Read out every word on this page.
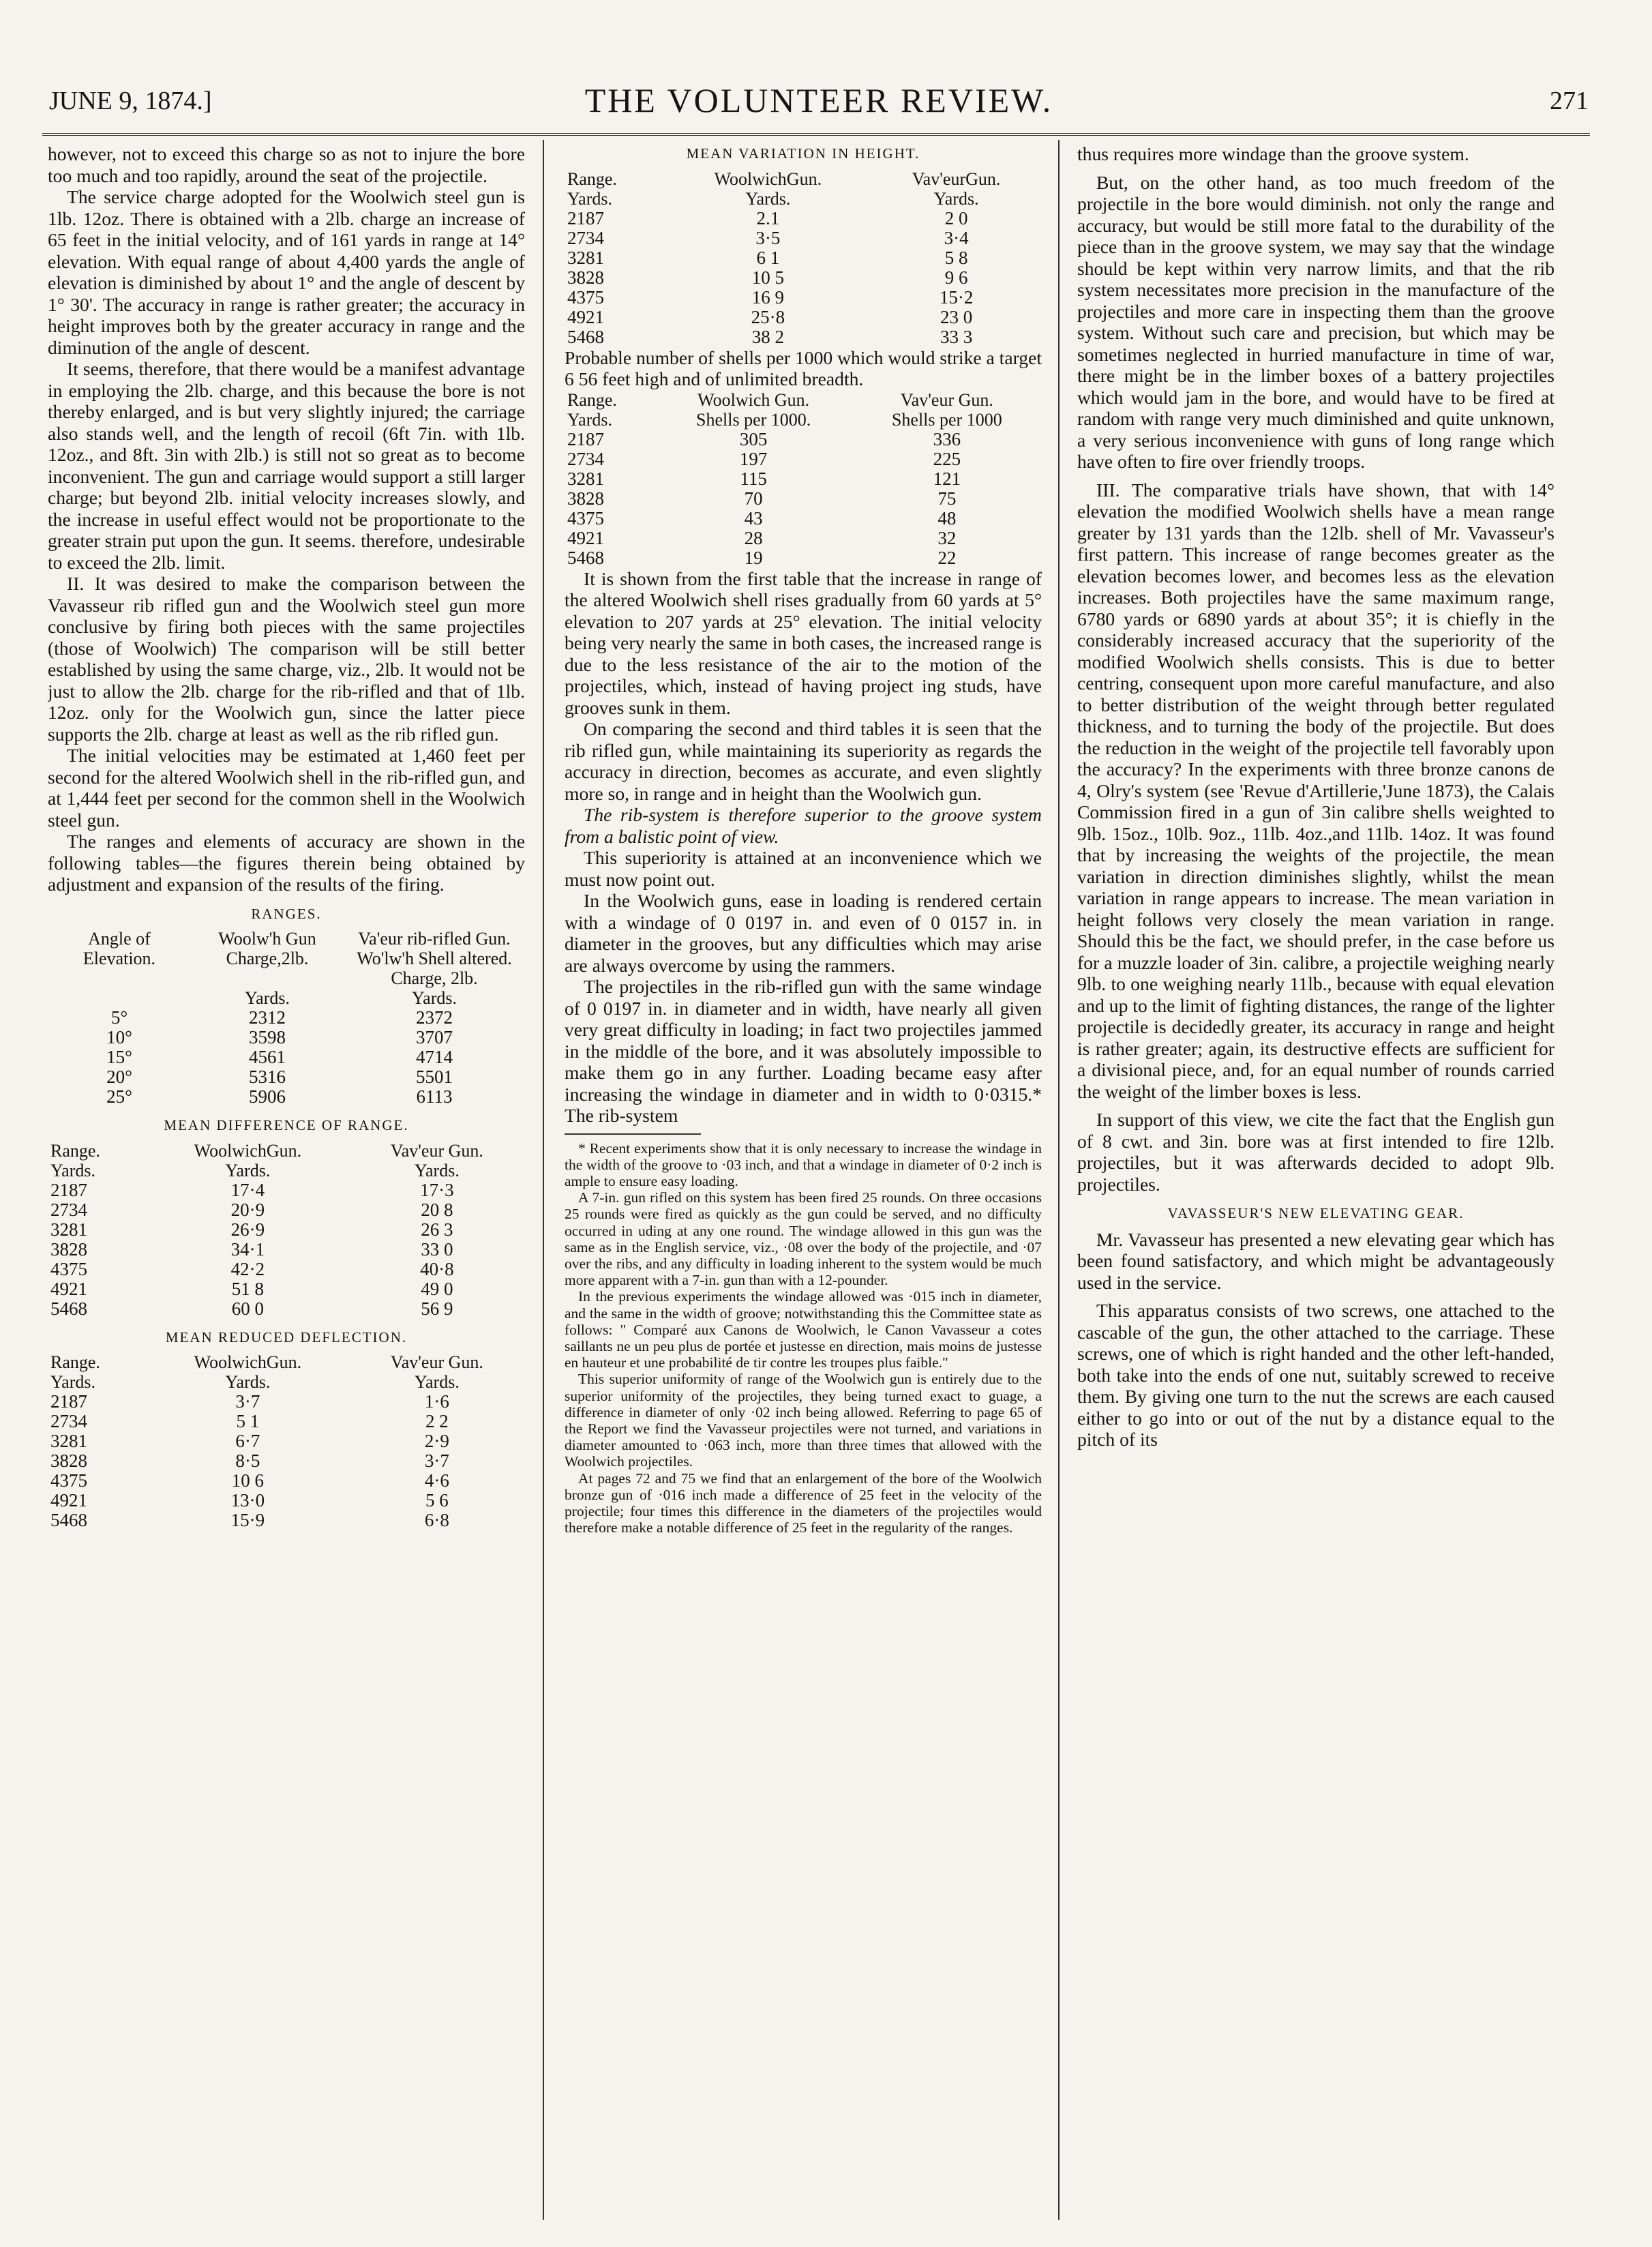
JUNE 9, 1874.]	THE VOLUNTEER REVIEW.	271

however, not to exceed this charge so as not to injure the bore too much and too rapidly, around the seat of the projectile.

The service charge adopted for the Woolwich steel gun is 1lb. 12oz. There is obtained with a 2lb. charge an increase of 65 feet in the initial velocity, and of 161 yards in range at 14° elevation. With equal range of about 4,400 yards the angle of elevation is diminished by about 1° and the angle of descent by 1° 30'. The accuracy in range is rather greater; the accuracy in height improves both by the greater accuracy in range and the diminution of the angle of descent.

It seems, therefore, that there would be a manifest advantage in employing the 2lb. charge, and this because the bore is not thereby enlarged, and is but very slightly injured; the carriage also stands well, and the length of recoil (6ft 7in. with 1lb. 12oz., and 8ft. 3in with 2lb.) is still not so great as to become inconvenient. The gun and carriage would support a still larger charge; but beyond 2lb. initial velocity increases slowly, and the increase in useful effect would not be proportionate to the greater strain put upon the gun. It seems. therefore, undesirable to exceed the 2lb. limit.

II. It was desired to make the comparison between the Vavasseur rib rifled gun and the Woolwich steel gun more conclusive by firing both pieces with the same projectiles (those of Woolwich) The comparison will be still better established by using the same charge, viz., 2lb. It would not be just to allow the 2lb. charge for the rib-rifled and that of 1lb. 12oz. only for the Woolwich gun, since the latter piece supports the 2lb. charge at least as well as the rib rifled gun.

The initial velocities may be estimated at 1,460 feet per second for the altered Woolwich shell in the rib-rifled gun, and at 1,444 feet per second for the common shell in the Woolwich steel gun.

The ranges and elements of accuracy are shown in the following tables—the figures therein being obtained by adjustment and expansion of the results of the firing.

RANGES.
Angle of Elevation.	Woolw'h Gun Charge,2lb.	Va'eur rib-rifled Gun. Wo'lw'h Shell altered. Charge, 2lb.
	Yards.	Yards.
5°	2312	2372
10°	3598	3707
15°	4561	4714
20°	5316	5501
25°	5906	6113
MEAN DIFFERENCE OF RANGE.
Range.	WoolwichGun.	Vav'eur Gun.
Yards.	Yards.	Yards.
2187	17·4	17·3
2734	20·9	20 8
3281	26·9	26 3
3828	34·1	33 0
4375	42·2	40·8
4921	51 8	49 0
5468	60 0	56 9
MEAN REDUCED DEFLECTION.
Range.	WoolwichGun.	Vav'eur Gun.
Yards.	Yards.	Yards.
2187	3·7	1·6
2734	5 1	2 2
3281	6·7	2·9
3828	8·5	3·7
4375	10 6	4·6
4921	13·0	5 6
5468	15·9	6·8
MEAN VARIATION IN HEIGHT.
Range.	WoolwichGun.	Vav'eurGun.
Yards.	Yards.	Yards.
2187	2.1	2 0
2734	3·5	3·4
3281	6 1	5 8
3828	10 5	9 6
4375	16 9	15·2
4921	25·8	23 0
5468	38 2	33 3

Probable number of shells per 1000 which would strike a target 6 56 feet high and of unlimited breadth.

Range.	Woolwich Gun.	Vav'eur Gun.
Yards.	Shells per 1000.	Shells per 1000
2187	305	336
2734	197	225
3281	115	121
3828	70	75
4375	43	48
4921	28	32
5468	19	22

It is shown from the first table that the increase in range of the altered Woolwich shell rises gradually from 60 yards at 5° elevation to 207 yards at 25° elevation. The initial velocity being very nearly the same in both cases, the increased range is due to the less resistance of the air to the motion of the projectiles, which, instead of having project ing studs, have grooves sunk in them.

On comparing the second and third tables it is seen that the rib rifled gun, while maintaining its superiority as regards the accuracy in direction, becomes as accurate, and even slightly more so, in range and in height than the Woolwich gun.

The rib-system is therefore superior to the groove system from a balistic point of view.

This superiority is attained at an inconvenience which we must now point out.

In the Woolwich guns, ease in loading is rendered certain with a windage of 0 0197 in. and even of 0 0157 in. in diameter in the grooves, but any difficulties which may arise are always overcome by using the rammers.

The projectiles in the rib-rifled gun with the same windage of 0 0197 in. in diameter and in width, have nearly all given very great difficulty in loading; in fact two projectiles jammed in the middle of the bore, and it was absolutely impossible to make them go in any further. Loading became easy after increasing the windage in diameter and in width to 0·0315.* The rib-system

* Recent experiments show that it is only necessary to increase the windage in the width of the groove to ·03 inch, and that a windage in diameter of 0·2 inch is ample to ensure easy loading.

A 7-in. gun rifled on this system has been fired 25 rounds. On three occasions 25 rounds were fired as quickly as the gun could be served, and no difficulty occurred in uding at any one round. The windage allowed in this gun was the same as in the English service, viz., ·08 over the body of the projectile, and ·07 over the ribs, and any difficulty in loading inherent to the system would be much more apparent with a 7-in. gun than with a 12-pounder.

In the previous experiments the windage allowed was ·015 inch in diameter, and the same in the width of groove; notwithstanding this the Committee state as follows: " Comparé aux Canons de Woolwich, le Canon Vavasseur a cotes saillants ne un peu plus de portée et justesse en direction, mais moins de justesse en hauteur et une probabilité de tir contre les troupes plus faible."

This superior uniformity of range of the Woolwich gun is entirely due to the superior uniformity of the projectiles, they being turned exact to guage, a difference in diameter of only ·02 inch being allowed. Referring to page 65 of the Report we find the Vavasseur projectiles were not turned, and variations in diameter amounted to ·063 inch, more than three times that allowed with the Woolwich projectiles.

At pages 72 and 75 we find that an enlargement of the bore of the Woolwich bronze gun of ·016 inch made a difference of 25 feet in the velocity of the projectile; four times this difference in the diameters of the projectiles would therefore make a notable difference of 25 feet in the regularity of the ranges.

thus requires more windage than the groove system.

But, on the other hand, as too much freedom of the projectile in the bore would diminish. not only the range and accuracy, but would be still more fatal to the durability of the piece than in the groove system, we may say that the windage should be kept within very narrow limits, and that the rib system necessitates more precision in the manufacture of the projectiles and more care in inspecting them than the groove system. Without such care and precision, but which may be sometimes neglected in hurried manufacture in time of war, there might be in the limber boxes of a battery projectiles which would jam in the bore, and would have to be fired at random with range very much diminished and quite unknown, a very serious inconvenience with guns of long range which have often to fire over friendly troops.

III. The comparative trials have shown, that with 14° elevation the modified Woolwich shells have a mean range greater by 131 yards than the 12lb. shell of Mr. Vavasseur's first pattern. This increase of range becomes greater as the elevation becomes lower, and becomes less as the elevation increases. Both projectiles have the same maximum range, 6780 yards or 6890 yards at about 35°; it is chiefly in the considerably increased accuracy that the superiority of the modified Woolwich shells consists. This is due to better centring, consequent upon more careful manufacture, and also to better distribution of the weight through better regulated thickness, and to turning the body of the projectile. But does the reduction in the weight of the projectile tell favorably upon the accuracy? In the experiments with three bronze canons de 4, Olry's system (see 'Revue d'Artillerie,'June 1873), the Calais Commission fired in a gun of 3in calibre shells weighted to 9lb. 15oz., 10lb. 9oz., 11lb. 4oz.,and 11lb. 14oz. It was found that by increasing the weights of the projectile, the mean variation in direction diminishes slightly, whilst the mean variation in range appears to increase. The mean variation in height follows very closely the mean variation in range. Should this be the fact, we should prefer, in the case before us for a muzzle loader of 3in. calibre, a projectile weighing nearly 9lb. to one weighing nearly 11lb., because with equal elevation and up to the limit of fighting distances, the range of the lighter projectile is decidedly greater, its accuracy in range and height is rather greater; again, its destructive effects are sufficient for a divisional piece, and, for an equal number of rounds carried the weight of the limber boxes is less.

In support of this view, we cite the fact that the English gun of 8 cwt. and 3in. bore was at first intended to fire 12lb. projectiles, but it was afterwards decided to adopt 9lb. projectiles.

VAVASSEUR'S NEW ELEVATING GEAR.

Mr. Vavasseur has presented a new elevating gear which has been found satisfactory, and which might be advantageously used in the service.

This apparatus consists of two screws, one attached to the cascable of the gun, the other attached to the carriage. These screws, one of which is right handed and the other left-handed, both take into the ends of one nut, suitably screwed to receive them. By giving one turn to the nut the screws are each caused either to go into or out of the nut by a distance equal to the pitch of its
